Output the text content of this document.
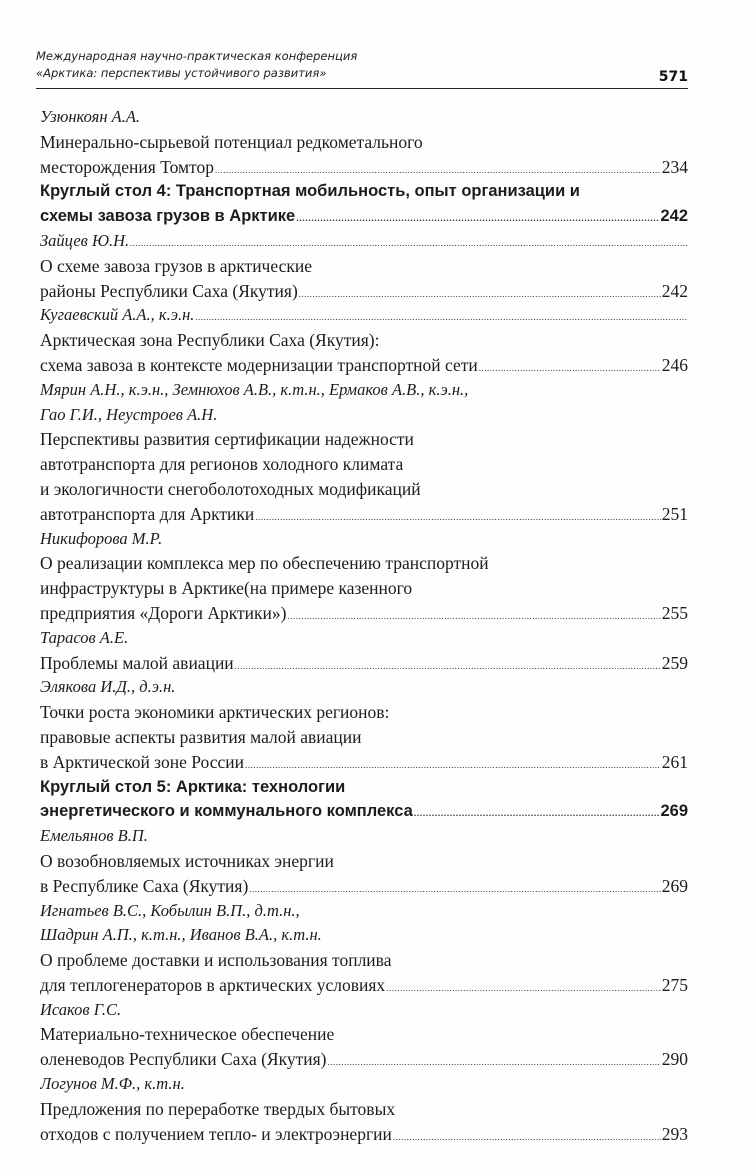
Международная научно-практическая конференция
«Арктика: перспективы устойчивого развития»	571
Узюнкоян А.А.
Минерально-сырьевой потенциал редкометального
месторождения Томтор .....	234
Круглый стол 4: Транспортная мобильность, опыт организации и
схемы завоза грузов в Арктике .....	242
Зайцев Ю.Н.
.....
О схеме завоза грузов в арктические
районы Республики Саха (Якутия) .....	242
Кугаевский А.А., к.э.н.
.....
Арктическая зона Республики Саха (Якутия):
схема завоза в контексте модернизации транспортной сети .....	246
Мярин А.Н., к.э.н., Земнюхов А.В., к.т.н., Ермаков А.В., к.э.н.,
Гао Г.И., Неустроев А.Н.
Перспективы развития сертификации надежности
автотранспорта для регионов холодного климата
и экологичности снегоболотоходных модификаций
автотранспорта для Арктики .....	251
Никифорова М.Р.
О реализации комплекса мер по обеспечению транспортной
инфраструктуры в Арктике(на примере казенного
предприятия «Дороги Арктики») .....	255
Тарасов А.Е.
Проблемы малой авиации .....	259
Элякова И.Д., д.э.н.
Точки роста экономики арктических регионов:
правовые аспекты развития малой авиации
в Арктической зоне России .....	261
Круглый стол 5: Арктика: технологии
энергетического и коммунального комплекса .....	269
Емельянов В.П.
О возобновляемых источниках энергии
в Республике Саха (Якутия) .....	269
Игнатьев В.С., Кобылин В.П., д.т.н.,
Шадрин А.П., к.т.н., Иванов В.А., к.т.н.
О проблеме доставки и использования топлива
для теплогенераторов в арктических условиях .....	275
Исаков Г.С.
Материально-техническое обеспечение
оленеводов Республики Саха (Якутия) .....	290
Логунов М.Ф., к.т.н.
Предложения по переработке твердых бытовых
отходов с получением тепло- и электроэнергии .....	293
